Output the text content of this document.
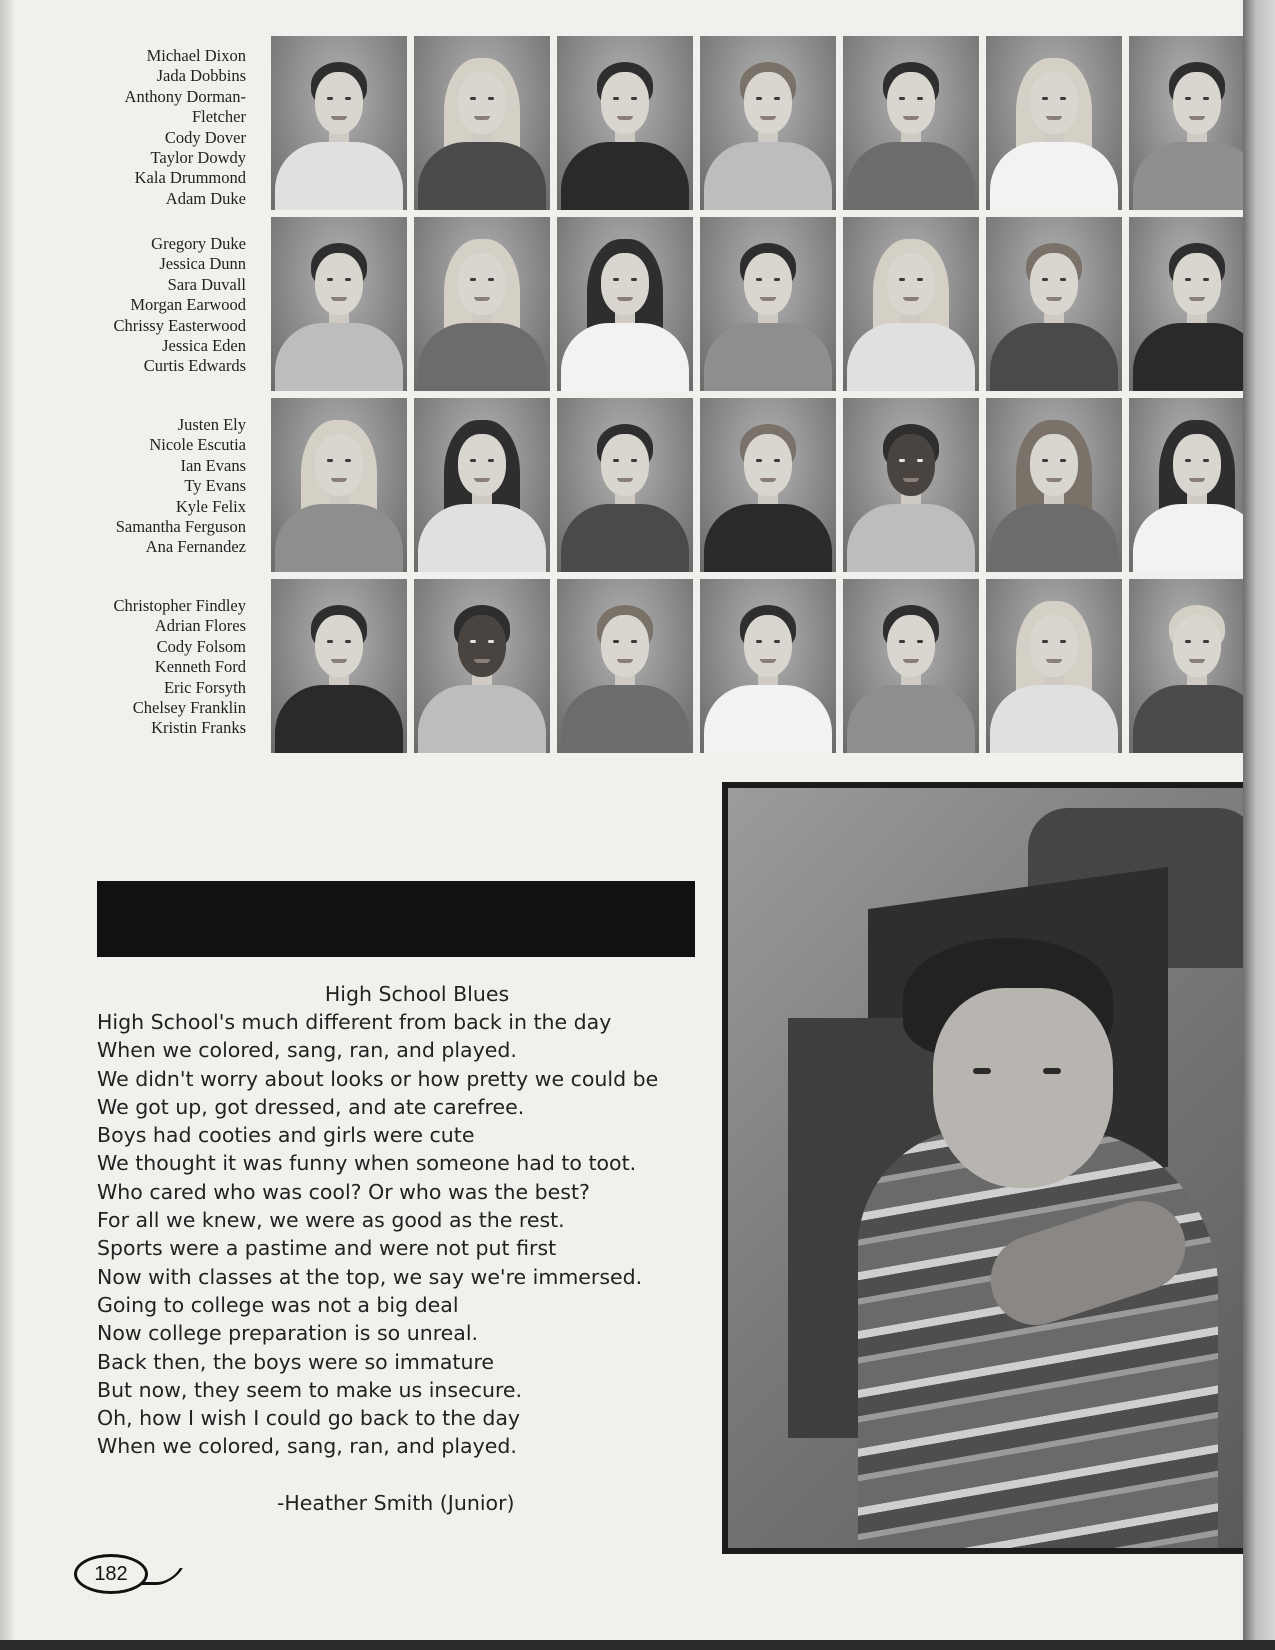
Michael Dixon
Jada Dobbins
Anthony Dorman-
Fletcher
Cody Dover
Taylor Dowdy
Kala Drummond
Adam Duke
Gregory Duke
Jessica Dunn
Sara Duvall
Morgan Earwood
Chrissy Easterwood
Jessica Eden
Curtis Edwards
Justen Ely
Nicole Escutia
Ian Evans
Ty Evans
Kyle Felix
Samantha Ferguson
Ana Fernandez
Christopher Findley
Adrian Flores
Cody Folsom
Kenneth Ford
Eric Forsyth
Chelsey Franklin
Kristin Franks
High School Blues
High School's much different from back in the day
When we colored, sang, ran, and played.
We didn't worry about looks or how pretty we could be
We got up, got dressed, and ate carefree.
Boys had cooties and girls were cute
We thought it was funny when someone had to toot.
Who cared who was cool? Or who was the best?
For all we knew, we were as good as the rest.
Sports were a pastime and were not put first
Now with classes at the top, we say we're immersed.
Going to college was not a big deal
Now college preparation is so unreal.
Back then, the boys were so immature
But now, they seem to make us insecure.
Oh, how I wish I could go back to the day
When we colored, sang, ran, and played.
-Heather Smith (Junior)
182
